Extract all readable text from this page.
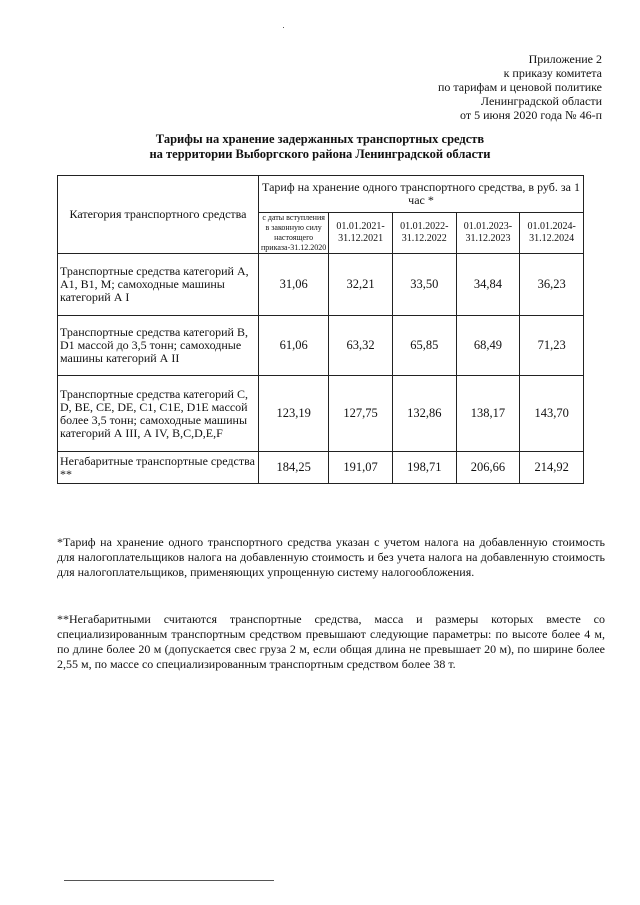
Приложение 2
к приказу комитета
по тарифам и ценовой политике
Ленинградской области
от 5 июня 2020 года № 46-п
Тарифы на хранение задержанных транспортных средств
на территории Выборгского района Ленинградской области
Категория транспортного средства	Тариф на хранение одного транспортного средства, в руб. за 1 час *				
	с даты вступления в законную силу настоящего приказа-31.12.2020	01.01.2021-31.12.2021	01.01.2022-31.12.2022	01.01.2023-31.12.2023	01.01.2024-31.12.2024
Транспортные средства категорий А, А1, В1, М; самоходные машины категорий А I	31,06	32,21	33,50	34,84	36,23
Транспортные средства категорий В, D1 массой до 3,5 тонн; самоходные машины категорий А II	61,06	63,32	65,85	68,49	71,23
Транспортные средства категорий С, D, BE, CE, DE, C1, C1E, D1E массой более 3,5 тонн; самоходные машины категорий А III, А IV, В,С,D,E,F	123,19	127,75	132,86	138,17	143,70
Негабаритные транспортные средства **	184,25	191,07	198,71	206,66	214,92

*Тариф на хранение одного транспортного средства указан с учетом налога на добавленную стоимость для налогоплательщиков налога на добавленную стоимость и без учета налога на добавленную стоимость для налогоплательщиков, применяющих упрощенную систему налогообложения.

**Негабаритными считаются транспортные средства, масса и размеры которых вместе со специализированным транспортным средством превышают следующие параметры: по высоте более 4 м, по длине более 20 м (допускается свес груза 2 м, если общая длина не превышает 20 м), по ширине более 2,55 м, по массе со специализированным транспортным средством более 38 т.
